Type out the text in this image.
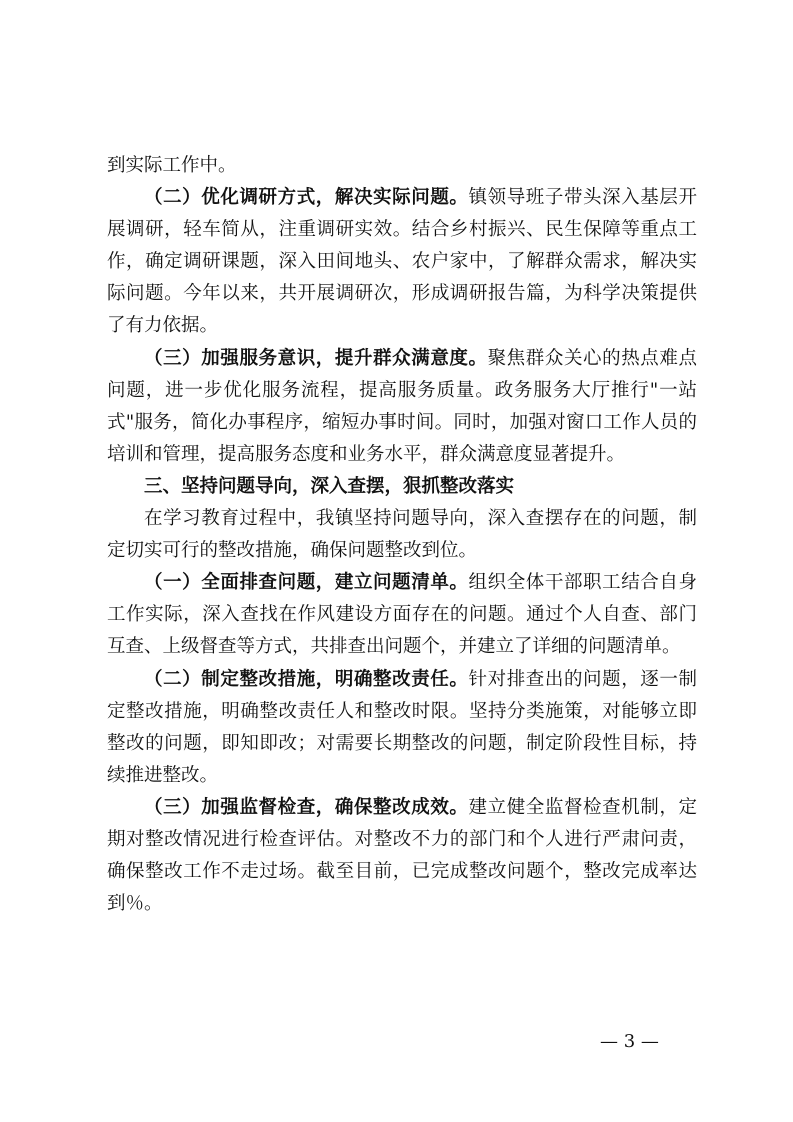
到实际工作中。

（二）优化调研方式，解决实际问题。镇领导班子带头深入基层开展调研，轻车简从，注重调研实效。结合乡村振兴、民生保障等重点工作，确定调研课题，深入田间地头、农户家中，了解群众需求，解决实际问题。今年以来，共开展调研次，形成调研报告篇，为科学决策提供了有力依据。

（三）加强服务意识，提升群众满意度。聚焦群众关心的热点难点问题，进一步优化服务流程，提高服务质量。政务服务大厅推行"一站式"服务，简化办事程序，缩短办事时间。同时，加强对窗口工作人员的培训和管理，提高服务态度和业务水平，群众满意度显著提升。

三、坚持问题导向，深入查摆，狠抓整改落实

在学习教育过程中，我镇坚持问题导向，深入查摆存在的问题，制定切实可行的整改措施，确保问题整改到位。

（一）全面排查问题，建立问题清单。组织全体干部职工结合自身工作实际，深入查找在作风建设方面存在的问题。通过个人自查、部门互查、上级督查等方式，共排查出问题个，并建立了详细的问题清单。

（二）制定整改措施，明确整改责任。针对排查出的问题，逐一制定整改措施，明确整改责任人和整改时限。坚持分类施策，对能够立即整改的问题，即知即改；对需要长期整改的问题，制定阶段性目标，持续推进整改。

（三）加强监督检查，确保整改成效。建立健全监督检查机制，定期对整改情况进行检查评估。对整改不力的部门和个人进行严肃问责，确保整改工作不走过场。截至目前，已完成整改问题个，整改完成率达到％。

— 3 —
